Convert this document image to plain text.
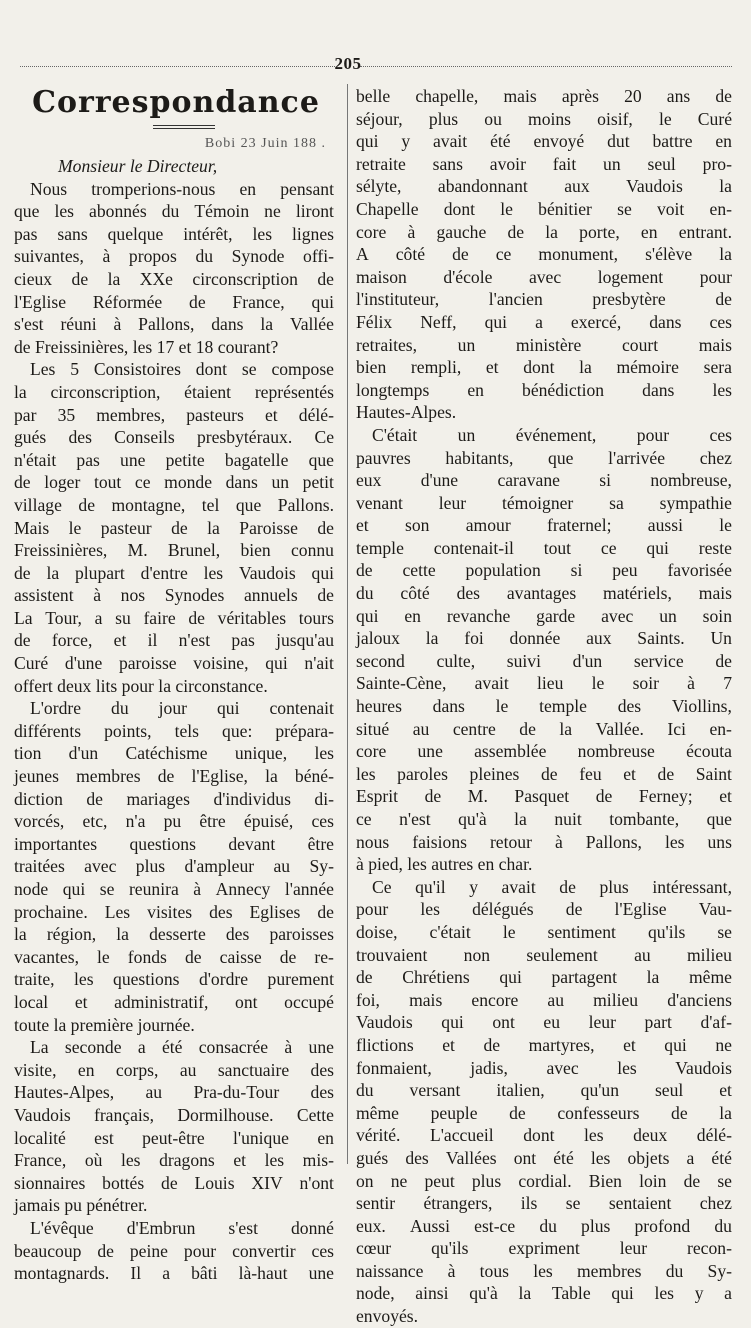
205
Correspondance
Bobi 23 Juin 188 .
Monsieur le Directeur,
Nous tromperions-nous en pensant
que les abonnés du Témoin ne liront
pas sans quelque intérêt, les lignes
suivantes, à propos du Synode offi-
cieux de la XXe circonscription de
l'Eglise Réformée de France, qui
s'est réuni à Pallons, dans la Vallée
de Freissinières, les 17 et 18 courant?
Les 5 Consistoires dont se compose
la circonscription, étaient représentés
par 35 membres, pasteurs et délé-
gués des Conseils presbytéraux. Ce
n'était pas une petite bagatelle que
de loger tout ce monde dans un petit
village de montagne, tel que Pallons.
Mais le pasteur de la Paroisse de
Freissinières, M. Brunel, bien connu
de la plupart d'entre les Vaudois qui
assistent à nos Synodes annuels de
La Tour, a su faire de véritables tours
de force, et il n'est pas jusqu'au
Curé d'une paroisse voisine, qui n'ait
offert deux lits pour la circonstance.
L'ordre du jour qui contenait
différents points, tels que: prépara-
tion d'un Catéchisme unique, les
jeunes membres de l'Eglise, la béné-
diction de mariages d'individus di-
vorcés, etc, n'a pu être épuisé, ces
importantes questions devant être
traitées avec plus d'ampleur au Sy-
node qui se reunira à Annecy l'année
prochaine. Les visites des Eglises de
la région, la desserte des paroisses
vacantes, le fonds de caisse de re-
traite, les questions d'ordre purement
local et administratif, ont occupé
toute la première journée.
La seconde a été consacrée à une
visite, en corps, au sanctuaire des
Hautes-Alpes, au Pra-du-Tour des
Vaudois français, Dormilhouse. Cette
localité est peut-être l'unique en
France, où les dragons et les mis-
sionnaires bottés de Louis XIV n'ont
jamais pu pénétrer.
L'évêque d'Embrun s'est donné
beaucoup de peine pour convertir ces
montagnards. Il a bâti là-haut une
belle chapelle, mais après 20 ans de
séjour, plus ou moins oisif, le Curé
qui y avait été envoyé dut battre en
retraite sans avoir fait un seul pro-
sélyte, abandonnant aux Vaudois la
Chapelle dont le bénitier se voit en-
core à gauche de la porte, en entrant.
A côté de ce monument, s'élève la
maison d'école avec logement pour
l'instituteur,	l'ancien	presbytère	de
Félix Neff, qui a exercé, dans ces
retraites, un ministère court mais
bien rempli, et dont la mémoire sera
longtemps en bénédiction dans les
Hautes-Alpes.
C'était un événement, pour ces
pauvres habitants, que l'arrivée chez
eux d'une caravane si nombreuse,
venant leur témoigner sa sympathie
et son amour fraternel; aussi le
temple contenait-il tout ce qui reste
de cette population si peu favorisée
du côté des avantages matériels, mais
qui en revanche garde avec un soin
jaloux la foi donnée aux Saints. Un
second culte, suivi d'un service de
Sainte-Cène, avait lieu le soir à 7
heures dans le temple des Viollins,
situé au centre de la Vallée. Ici en-
core une assemblée nombreuse écouta
les paroles pleines de feu et de Saint
Esprit de M. Pasquet de Ferney; et
ce n'est qu'à la nuit tombante, que
nous faisions retour à Pallons, les uns
à pied, les autres en char.
Ce qu'il y avait de plus intéressant,
pour les délégués de l'Eglise Vau-
doise, c'était le sentiment qu'ils se
trouvaient non seulement au milieu
de Chrétiens qui partagent la même
foi, mais encore au milieu d'anciens
Vaudois qui ont eu leur part d'af-
flictions et de martyres, et qui ne
fonmaient, jadis, avec les Vaudois
du versant italien, qu'un seul et
même peuple de confesseurs de la
vérité. L'accueil dont les deux délé-
gués des Vallées ont été les objets a été
on ne peut plus cordial. Bien loin de se
sentir étrangers, ils se sentaient chez
eux. Aussi est-ce du plus profond du
cœur qu'ils expriment leur recon-
naissance à tous les membres du Sy-
node, ainsi qu'à la Table qui les y a
envoyés.
